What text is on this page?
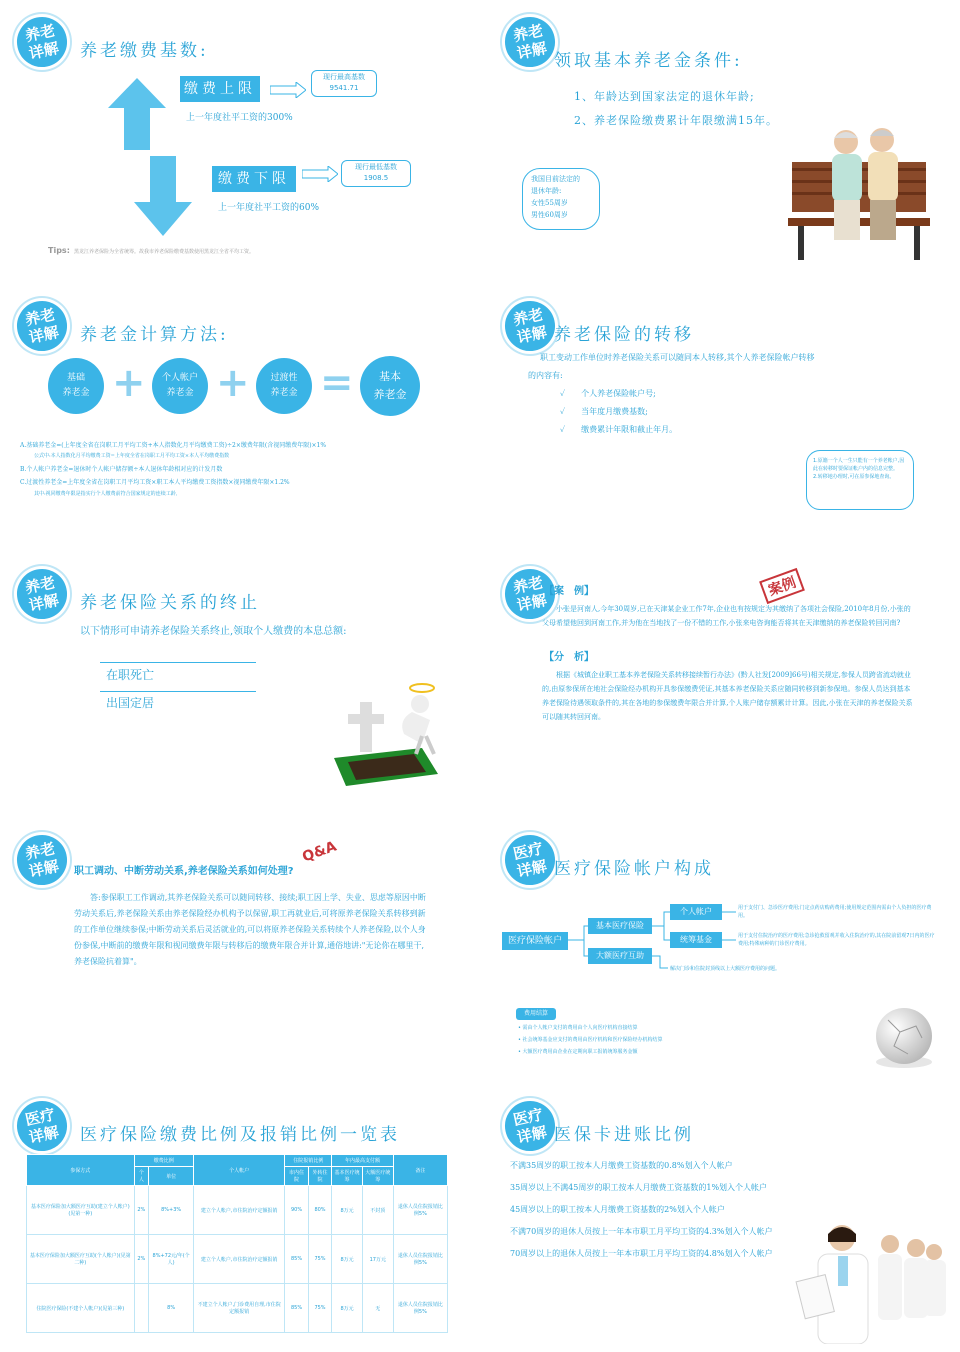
养老
详解	养老缴费基数:
缴费上限
现行最高基数
9541.71
上一年度社平工资的300%
缴费下限
现行最低基数
1908.5
上一年度社平工资的60%
Tips: 黑龙江养老保险为全省统筹。故我市养老保险缴费基数使用黑龙江全省平均工资。
养老
详解 领取基本养老金条件:
1、年龄达到国家法定的退休年龄;
2、养老保险缴费累计年限缴满15年。
我国目前法定的
退休年龄:
女性55周岁
男性60周岁
养老
详解	养老金计算方法:
基础
养老金 +	个人帐户
养老金 +	过渡性
养老金 =	基本
养老金
A.基础养老金=(上年度全省在岗职工月平均工资+本人指数化月平均缴费工资)÷2×缴费年限(含视同缴费年限)×1%
公式中:本人指数化月平均缴费工资=上年度全省在岗职工月平均工资×本人平均缴费指数
B.个人帐户养老金=退休时个人帐户储存额÷本人退休年龄相对应的计发月数
C.过渡性养老金=上年度全省在岗职工月平均工资×职工本人平均缴费工资指数×视同缴费年限×1.2%
其中:视同缴费年限是指实行个人缴费前符合国家规定的连续工龄,
养老
详解 养老保险的转移
职工变动工作单位时养老保险关系可以随同本人转移,其个人养老保险帐户转移
的内容有:
✓　　 个人养老保险帐户号;
✓　　 当年度月缴费基数;
✓　　 缴费累计年限和截止年月。
1.原籍一个人一生只能有一个养老帐户,因此在转移时要保证帐户内的信息完整。
2.转移地办理时,可在原参保地查询。
养老
详解	养老保险关系的终止
以下情形可申请养老保险关系终止,领取个人缴费的本息总额:
在职死亡
出国定居
养老
详解
【案　例】	案例
小张是河南人,今年30周岁,已在天津某企业工作7年,企业也有按规定为其缴纳了各项社会保险,2010年8月份,小张的父母希望他回到河南工作,并为他在当地找了一份不错的工作,小张来电咨询能否将其在天津缴纳的养老保险转回河南?
【分　析】
根据《城镇企业职工基本养老保险关系转移接续暂行办法》(黔人社发[2009]66号)相关规定,参保人员跨省流动就业的,由原参保所在地社会保险经办机构开具参保缴费凭证,其基本养老保险关系应随同转移到新参保地。参保人员达到基本养老保险待遇领取条件的,其在各地的参保缴费年限合并计算,个人账户储存额累计计算。因此,小张在天津的养老保险关系可以随其转回河南。
养老
详解
Q&A
职工调动、中断劳动关系,养老保险关系如何处理?
答:参保职工工作调动,其养老保险关系可以随同转移、接续;职工因上学、失业、思虑等原因中断劳动关系后,养老保险关系由养老保险经办机构予以保留,职工再就业后,可将原养老保险关系转移到新的工作单位继续参保;中断劳动关系后灵活就业的,可以将原养老保险关系转续个人养老保险,以个人身份参保,中断前的缴费年限和视同缴费年限与转移后的缴费年限合并计算,通俗地讲:"无论你在哪里干,养老保险抗着算"。
医疗
详解 医疗保险帐户构成
医疗保险帐户
基本医疗保险
大额医疗互助
个人帐户
统筹基金
用于支付门、急诊医疗费用;门定点药店购药费用;使用规定范围内需由个人负担的医疗费用。
用于支付住院治疗的医疗费用;急诊抢救留观并收入住院治疗的,其在院前留观7日内的医疗费用;特殊病种的门诊医疗费用。
解决门诊和住院封顶线以上大额医疗费用的问题。
费用结算
• 需由个人帐户支付的费用由个人向医疗机构直接结算
• 社会统筹基金应支付的费用由医疗机构和医疗保险经办机构结算
• 大额医疗费用由企业在定期向职工报销统筹服务金额
医疗
详解	医疗保险缴费比例及报销比例一览表
参保方式	缴费比例		个人帐户	住院报销比例		年内最高支付额		备注
	个人	单位		市内住院	外转住院	基本医疗统筹	大额医疗统筹	
基本医疗保险加大额医疗互助(建立个人帐户)(见第一种)	2%	8%+3%	建立个人帐户,市住院治疗定额报销	90%	80%	8万元	不封顶	退休人员住院报销比例5%
基本医疗保险加大额医疗互助(个人帐户)(见第二种)	2%	8%+72元/年(个人)	建立个人帐户,市住院治疗定额报销	85%	75%	8万元	17万元	退休人员住院报销比例5%
住院医疗保险(不建个人帐户)(见第三种)		8%	不建立个人帐户,门诊费用自理,市住院定额报销	85%	75%	8万元	无	退休人员住院报销比例5%
医疗
详解 医保卡进账比例
不满35周岁的职工按本人月缴费工资基数的0.8%划入个人帐户
35周岁以上不满45周岁的职工按本人月缴费工资基数的1%划入个人帐户
45周岁以上的职工按本人月缴费工资基数的2%划入个人帐户
不满70周岁的退休人员按上一年本市职工月平均工资的4.3%划入个人帐户
70周岁以上的退休人员按上一年本市职工月平均工资的4.8%划入个人帐户
